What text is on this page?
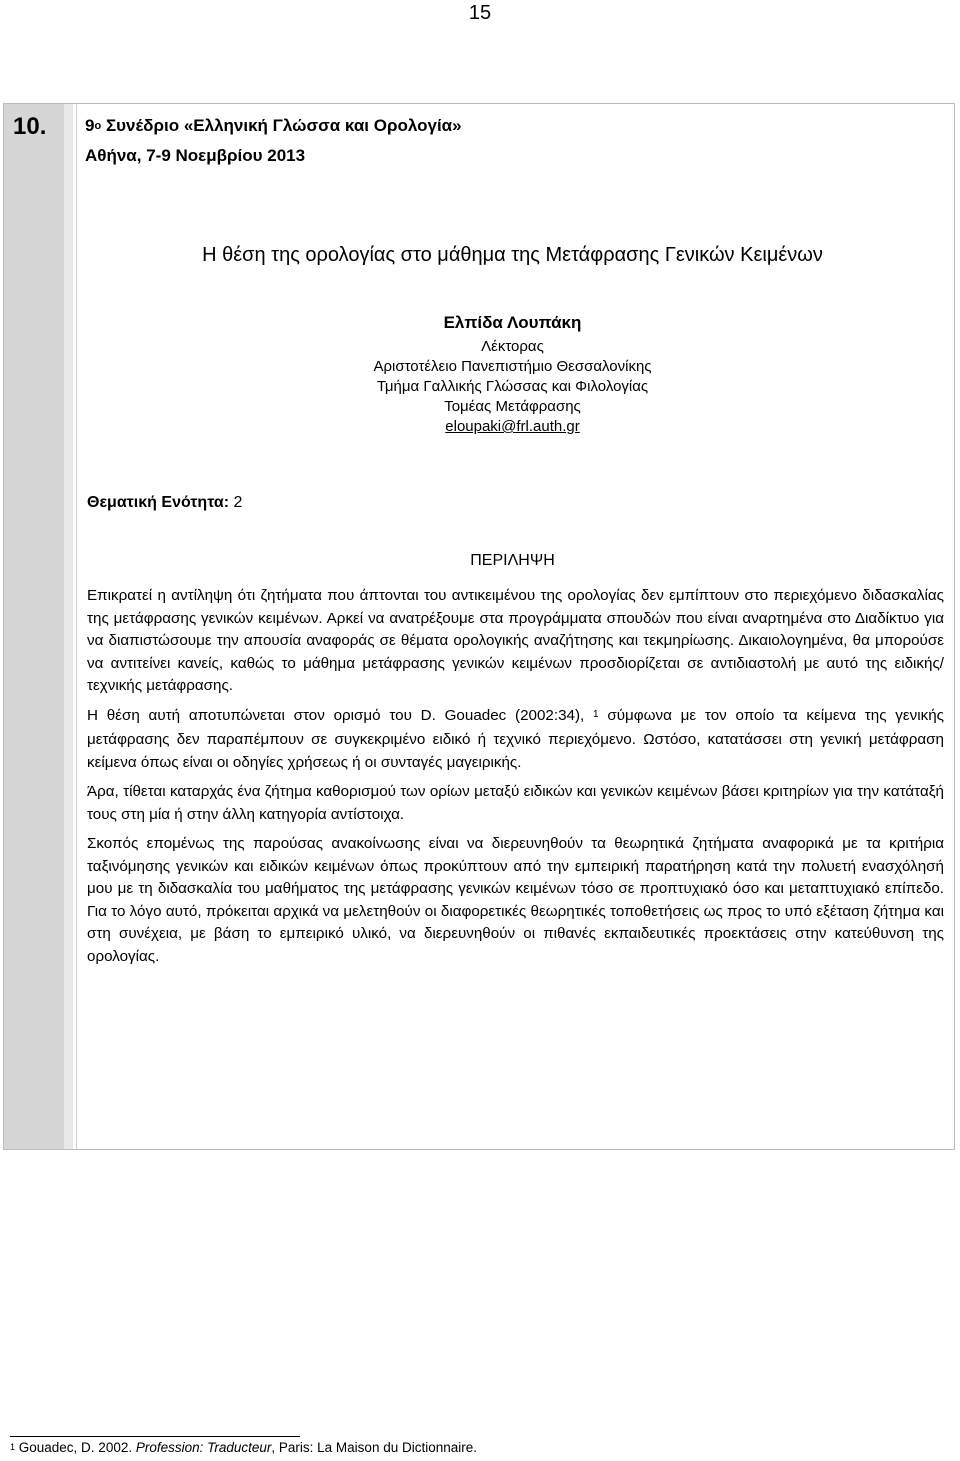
15
10. $9^o$ Συνέδριο «Ελληνική Γλώσσα και Ορολογία»
Αθήνα, 7-9 Νοεμβρίου 2013
Η θέση της ορολογίας στο μάθημα της Μετάφρασης Γενικών Κειμένων
Ελπίδα Λουπάκη
Λέκτορας
Αριστοτέλειο Πανεπιστήμιο Θεσσαλονίκης
Τμήμα Γαλλικής Γλώσσας και Φιλολογίας
Τομέας Μετάφρασης
eloupaki@frl.auth.gr
Θεματική Ενότητα: 2
ΠΕΡΙΛΗΨΗ

Επικρατεί η αντίληψη ότι ζητήματα που άπτονται του αντικειμένου της ορολογίας δεν εμπίπτουν στο περιεχόμενο διδασκαλίας της μετάφρασης γενικών κειμένων. Αρκεί να ανατρέξουμε στα προγράμματα σπουδών που είναι αναρτημένα στο Διαδίκτυο για να διαπιστώσουμε την απουσία αναφοράς σε θέματα ορολογικής αναζήτησης και τεκμηρίωσης. Δικαιολογημένα, θα μπορούσε να αντιτείνει κανείς, καθώς το μάθημα μετάφρασης γενικών κειμένων προσδιορίζεται σε αντιδιαστολή με αυτό της ειδικής/τεχνικής μετάφρασης.

Η θέση αυτή αποτυπώνεται στον ορισμό του D. Gouadec (2002:34), $^1$ σύμφωνα με τον οποίο τα κείμενα της γενικής μετάφρασης δεν παραπέμπουν σε συγκεκριμένο ειδικό ή τεχνικό περιεχόμενο. Ωστόσο, κατατάσσει στη γενική μετάφραση κείμενα όπως είναι οι οδηγίες χρήσεως ή οι συνταγές μαγειρικής.

Άρα, τίθεται καταρχάς ένα ζήτημα καθορισμού των ορίων μεταξύ ειδικών και γενικών κειμένων βάσει κριτηρίων για την κατάταξή τους στη μία ή στην άλλη κατηγορία αντίστοιχα.

Σκοπός επομένως της παρούσας ανακοίνωσης είναι να διερευνηθούν τα θεωρητικά ζητήματα αναφορικά με τα κριτήρια ταξινόμησης γενικών και ειδικών κειμένων όπως προκύπτουν από την εμπειρική παρατήρηση κατά την πολυετή ενασχόλησή μου με τη διδασκαλία του μαθήματος της μετάφρασης γενικών κειμένων τόσο σε προπτυχιακό όσο και μεταπτυχιακό επίπεδο. Για το λόγο αυτό, πρόκειται αρχικά να μελετηθούν οι διαφορετικές θεωρητικές τοποθετήσεις ως προς το υπό εξέταση ζήτημα και στη συνέχεια, με βάση το εμπειρικό υλικό, να διερευνηθούν οι πιθανές εκπαιδευτικές προεκτάσεις στην κατεύθυνση της ορολογίας.

$^1$ Gouadec, D. 2002. Profession: Traducteur, Paris: La Maison du Dictionnaire.
